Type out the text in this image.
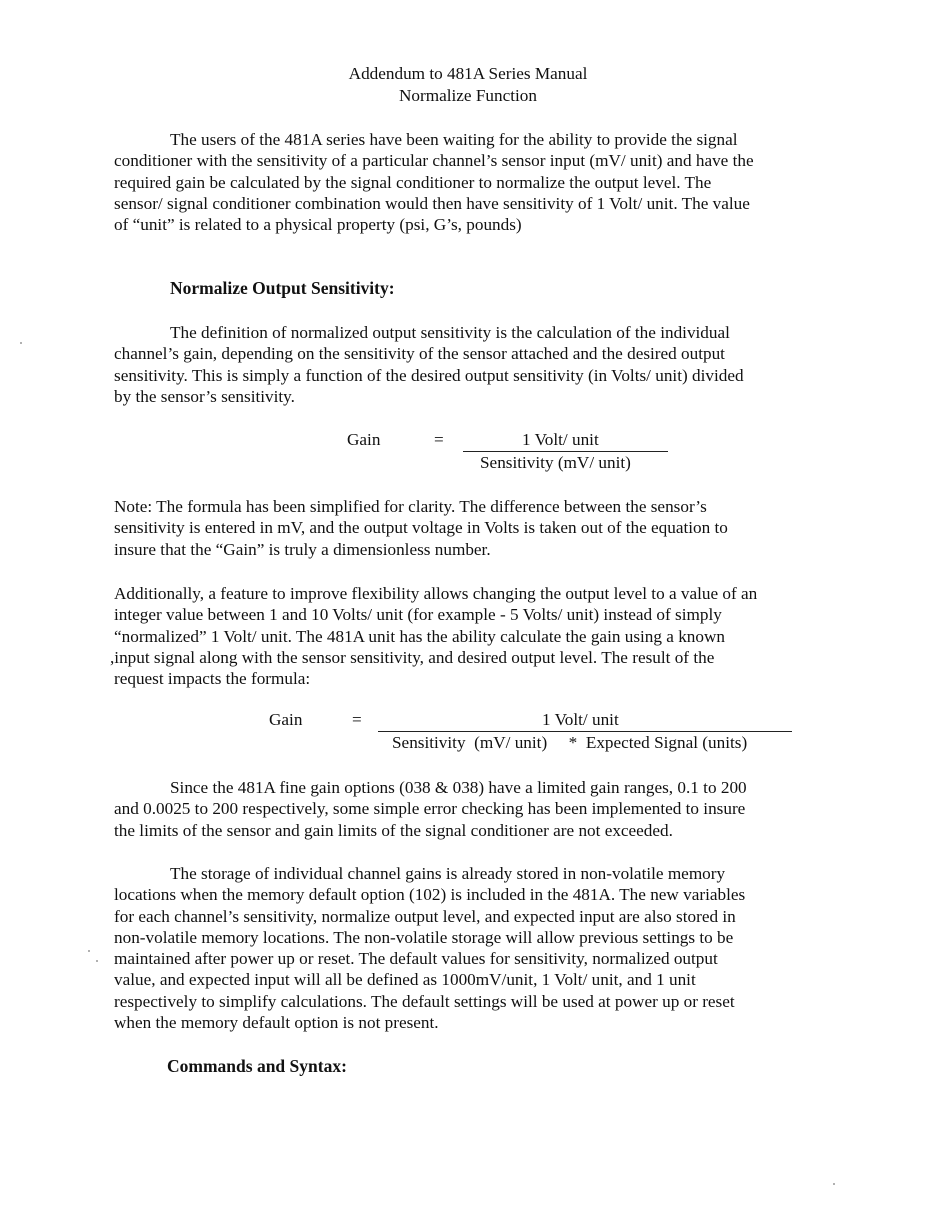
Addendum to 481A Series Manual

Normalize Function

The users of the 481A series have been waiting for the ability to provide the signal
conditioner with the sensitivity of a particular channel’s sensor input (mV/ unit) and have the
required gain be calculated by the signal conditioner to normalize the output level. The
sensor/ signal conditioner combination would then have sensitivity of 1 Volt/ unit. The value
of “unit” is related to a physical property (psi, G’s, pounds)

Normalize Output Sensitivity:

The definition of normalized output sensitivity is the calculation of the individual
channel’s gain, depending on the sensitivity of the sensor attached and the desired output
sensitivity. This is simply a function of the desired output sensitivity (in Volts/ unit) divided
by the sensor’s sensitivity.
Gain	=	1 Volt/ unit
Sensitivity (mV/ unit)
Note: The formula has been simplified for clarity. The difference between the sensor’s
sensitivity is entered in mV, and the output voltage in Volts is taken out of the equation to
insure that the “Gain” is truly a dimensionless number.
Additionally, a feature to improve flexibility allows changing the output level to a value of an
integer value between 1 and 10 Volts/ unit (for example - 5 Volts/ unit) instead of simply
“normalized” 1 Volt/ unit. The 481A unit has the ability calculate the gain using a known
,input signal along with the sensor sensitivity, and desired output level. The result of the
request impacts the formula:
Gain	=	1 Volt/ unit
Sensitivity  (mV/ unit)     *  Expected Signal (units)
Since the 481A fine gain options (038 & 038) have a limited gain ranges, 0.1 to 200
and 0.0025 to 200 respectively, some simple error checking has been implemented to insure
the limits of the sensor and gain limits of the signal conditioner are not exceeded.
The storage of individual channel gains is already stored in non-volatile memory
locations when the memory default option (102) is included in the 481A. The new variables
for each channel’s sensitivity, normalize output level, and expected input are also stored in
non-volatile memory locations. The non-volatile storage will allow previous settings to be
maintained after power up or reset. The default values for sensitivity, normalized output
value, and expected input will all be defined as 1000mV/unit, 1 Volt/ unit, and 1 unit
respectively to simplify calculations. The default settings will be used at power up or reset
when the memory default option is not present.

Commands and Syntax:
